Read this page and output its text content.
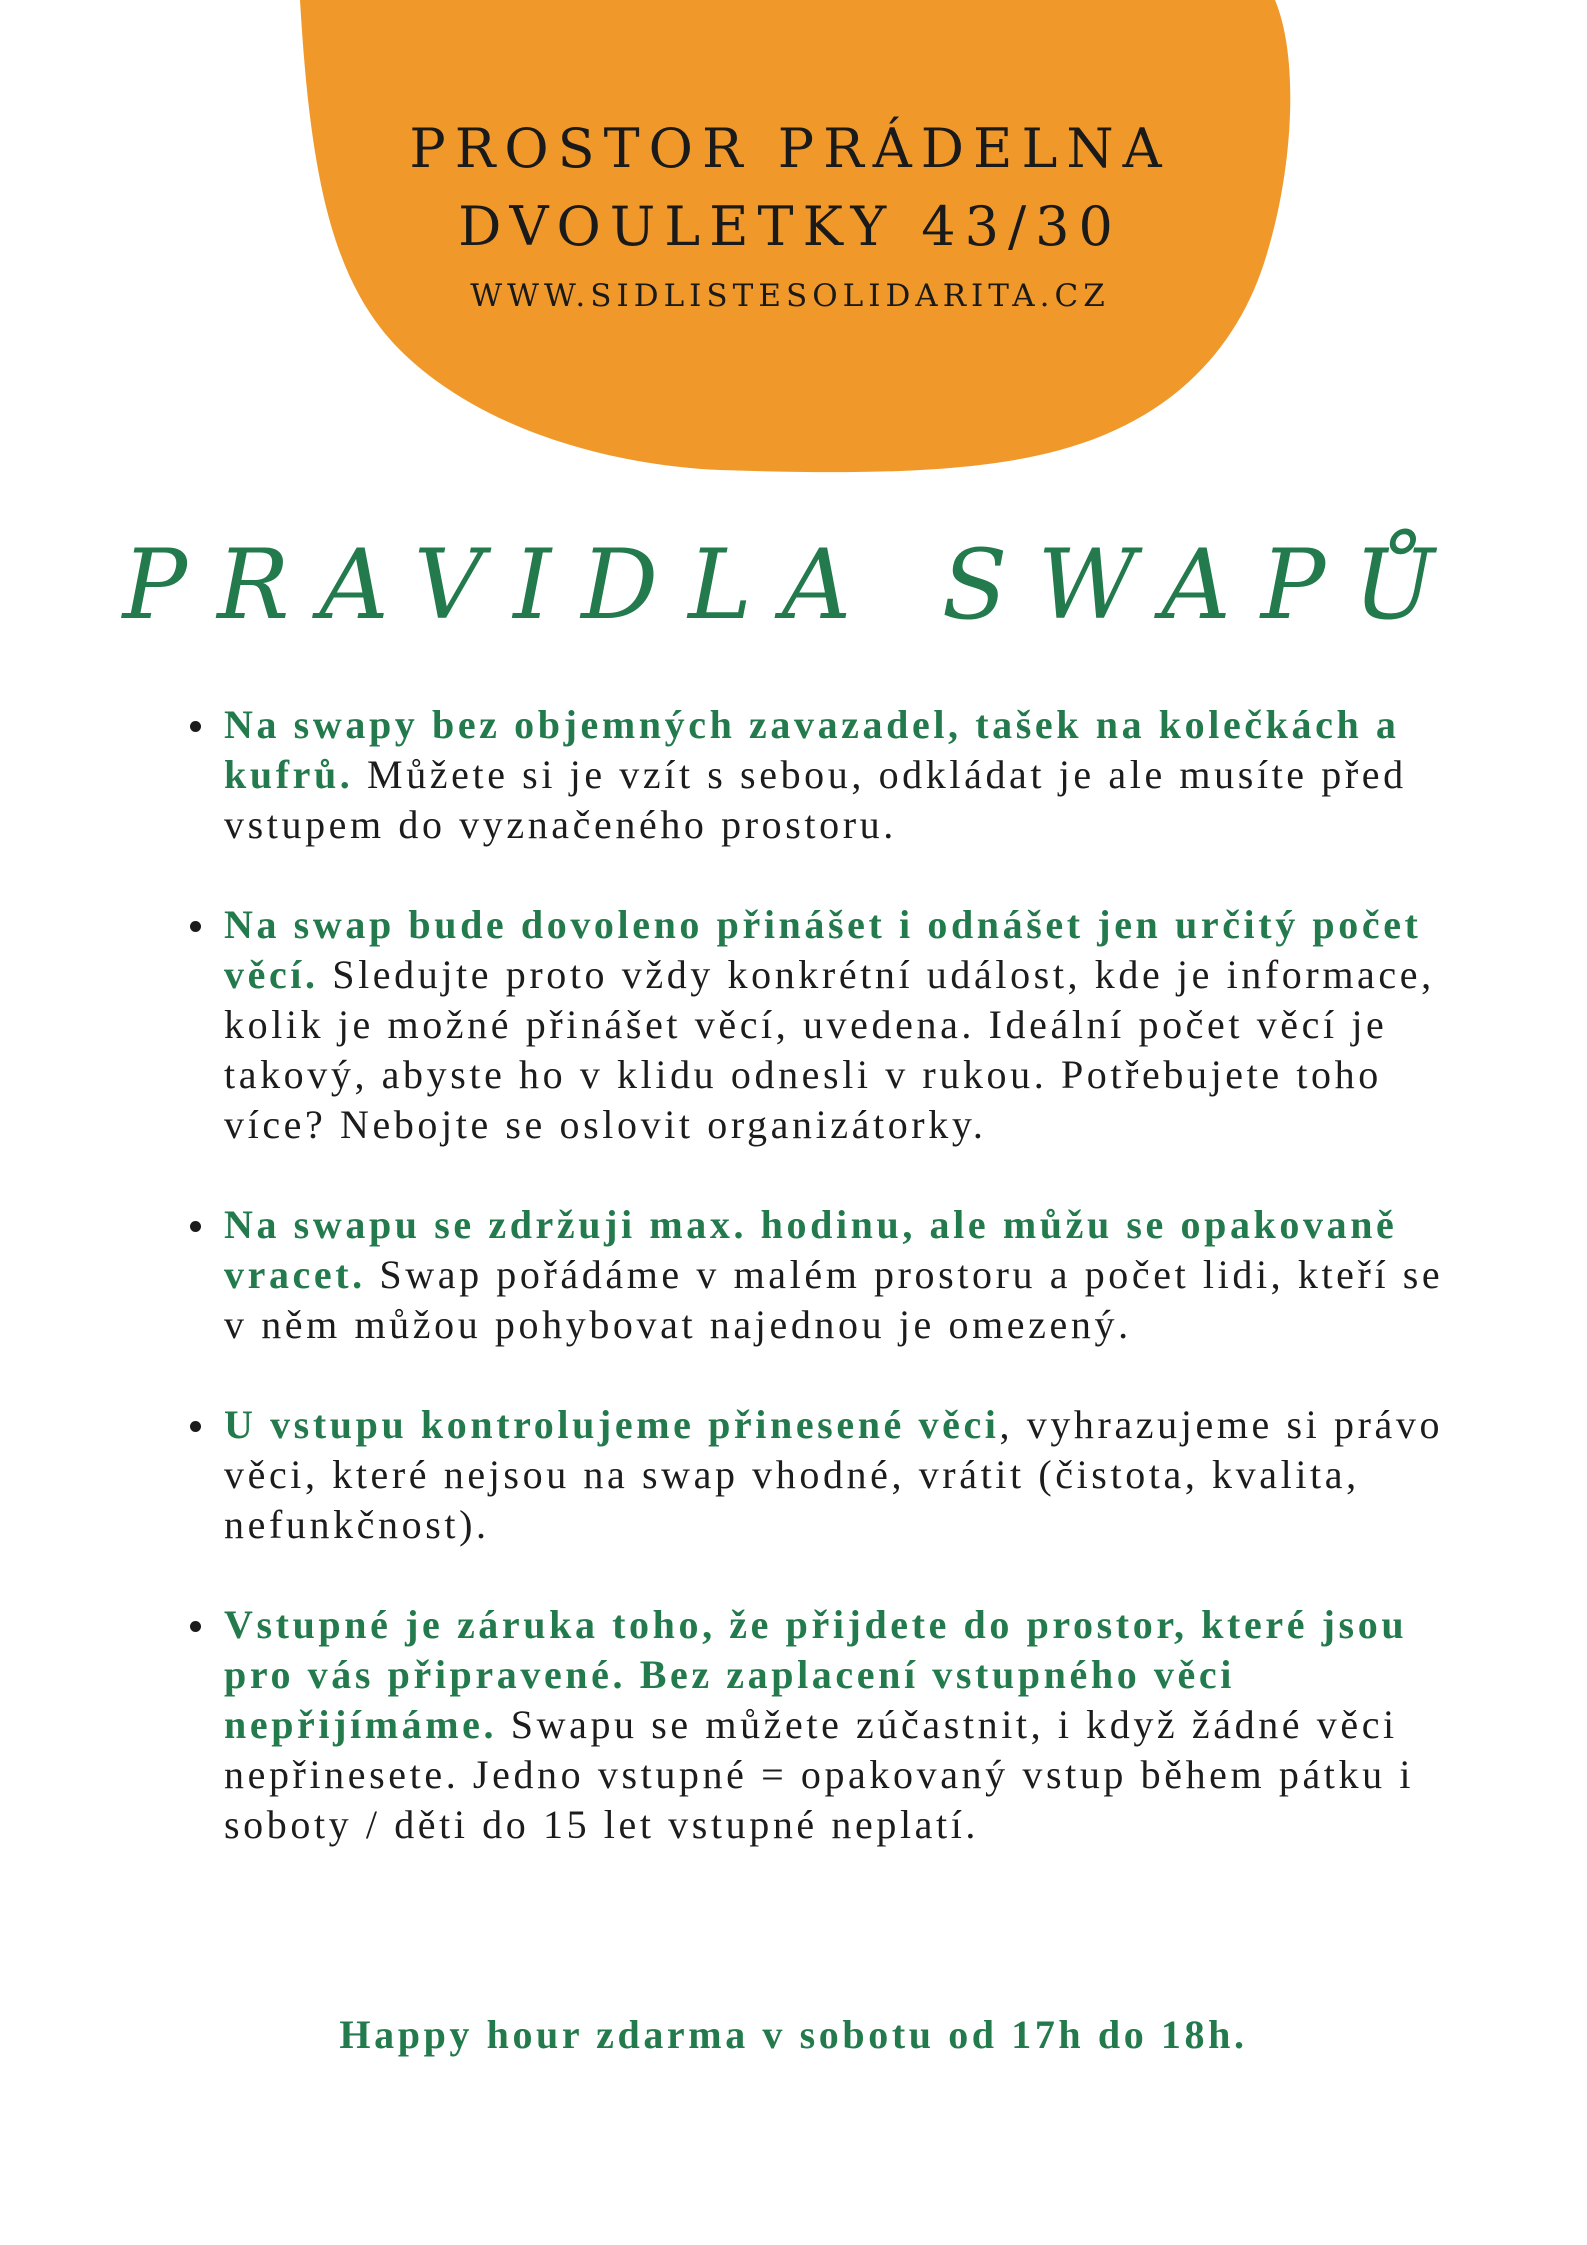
PROSTOR PRÁDELNA
DVOULETKY 43/30
WWW.SIDLISTESOLIDARITA.CZ
PRAVIDLA SWAPŮ
Na swapy bez objemných zavazadel, tašek na kolečkách a kufrů. Můžete si je vzít s sebou, odkládat je ale musíte před vstupem do vyznačeného prostoru.
Na swap bude dovoleno přinášet i odnášet jen určitý počet věcí. Sledujte proto vždy konkrétní událost, kde je informace, kolik je možné přinášet věcí, uvedena. Ideální počet věcí je takový, abyste ho v klidu odnesli v rukou. Potřebujete toho více? Nebojte se oslovit organizátorky.
Na swapu se zdržuji max. hodinu, ale můžu se opakovaně vracet. Swap pořádáme v malém prostoru a počet lidi, kteří se v něm můžou pohybovat najednou je omezený.
U vstupu kontrolujeme přinesené věci, vyhrazujeme si právo věci, které nejsou na swap vhodné, vrátit (čistota, kvalita, nefunkčnost).
Vstupné je záruka toho, že přijdete do prostor, které jsou pro vás připravené. Bez zaplacení vstupného věci nepřijímáme. Swapu se můžete zúčastnit, i když žádné věci nepřinesete. Jedno vstupné = opakovaný vstup během pátku i soboty / děti do 15 let vstupné neplatí.
Happy hour zdarma v sobotu od 17h do 18h.
